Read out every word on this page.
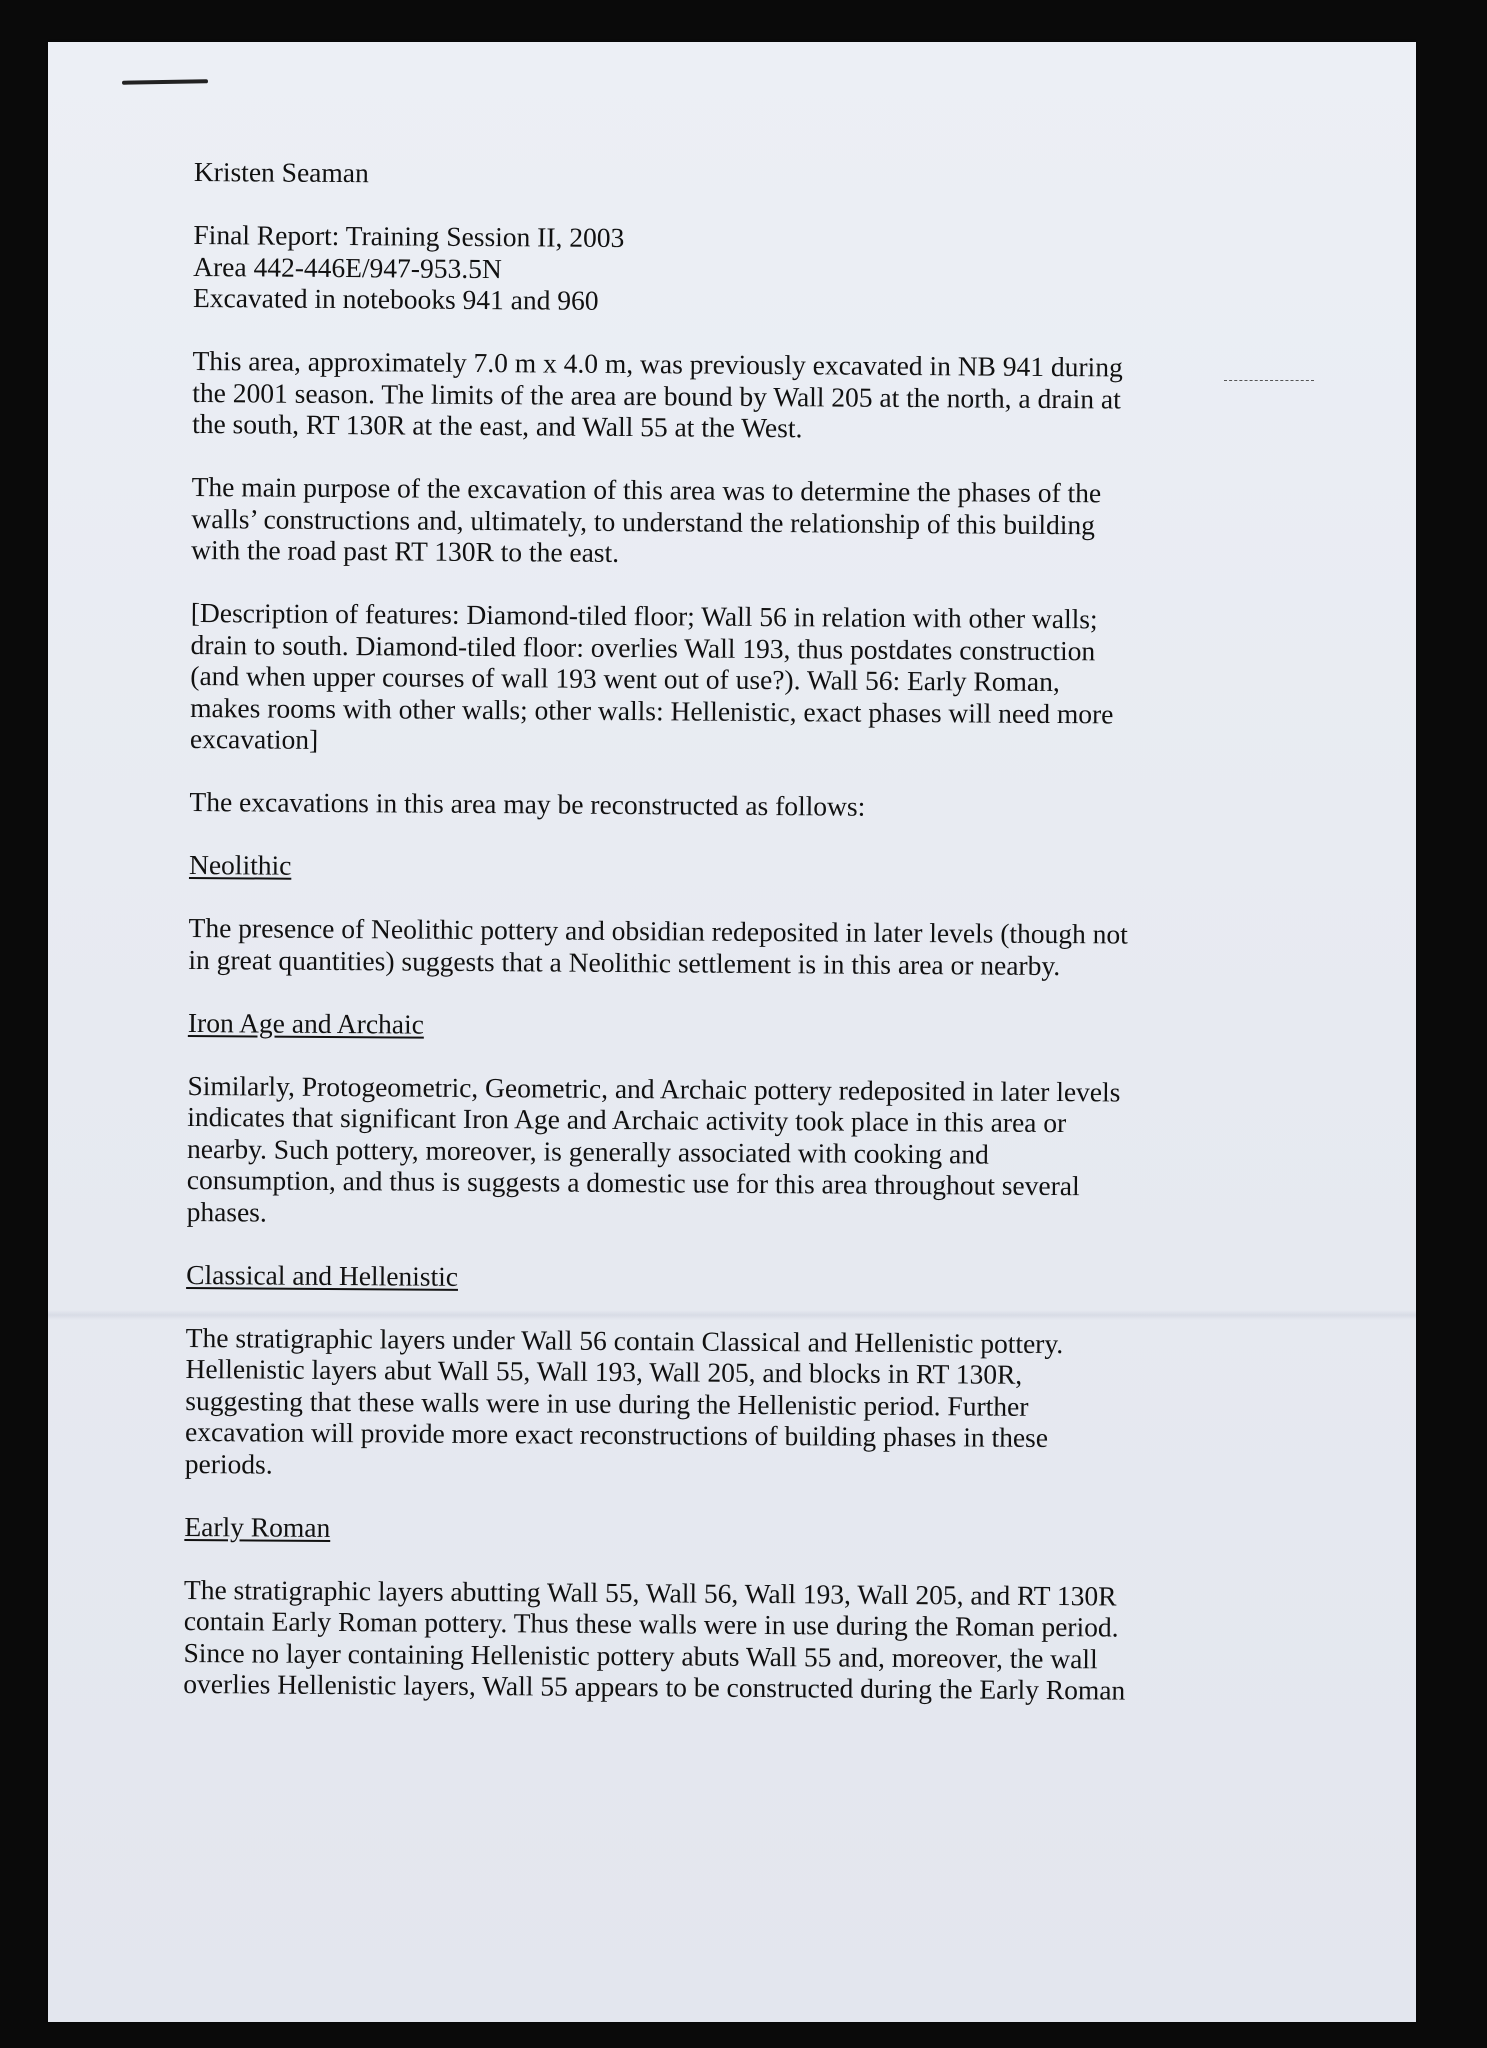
Kristen Seaman

Final Report: Training Session II, 2003

Area 442-446E/947-953.5N

Excavated in notebooks 941 and 960

This area, approximately 7.0 m x 4.0 m, was previously excavated in NB 941 during

the 2001 season. The limits of the area are bound by Wall 205 at the north, a drain at

the south, RT 130R at the east, and Wall 55 at the West.

The main purpose of the excavation of this area was to determine the phases of the

walls’ constructions and, ultimately, to understand the relationship of this building

with the road past RT 130R to the east.

[Description of features: Diamond-tiled floor; Wall 56 in relation with other walls;

drain to south. Diamond-tiled floor: overlies Wall 193, thus postdates construction

(and when upper courses of wall 193 went out of use?). Wall 56: Early Roman,

makes rooms with other walls; other walls: Hellenistic, exact phases will need more

excavation]

The excavations in this area may be reconstructed as follows:

Neolithic

The presence of Neolithic pottery and obsidian redeposited in later levels (though not

in great quantities) suggests that a Neolithic settlement is in this area or nearby.

Iron Age and Archaic

Similarly, Protogeometric, Geometric, and Archaic pottery redeposited in later levels

indicates that significant Iron Age and Archaic activity took place in this area or

nearby. Such pottery, moreover, is generally associated with cooking and

consumption, and thus is suggests a domestic use for this area throughout several

phases.

Classical and Hellenistic

The stratigraphic layers under Wall 56 contain Classical and Hellenistic pottery.

Hellenistic layers abut Wall 55, Wall 193, Wall 205, and blocks in RT 130R,

suggesting that these walls were in use during the Hellenistic period. Further

excavation will provide more exact reconstructions of building phases in these

periods.

Early Roman

The stratigraphic layers abutting Wall 55, Wall 56, Wall 193, Wall 205, and RT 130R

contain Early Roman pottery. Thus these walls were in use during the Roman period.

Since no layer containing Hellenistic pottery abuts Wall 55 and, moreover, the wall

overlies Hellenistic layers, Wall 55 appears to be constructed during the Early Roman
